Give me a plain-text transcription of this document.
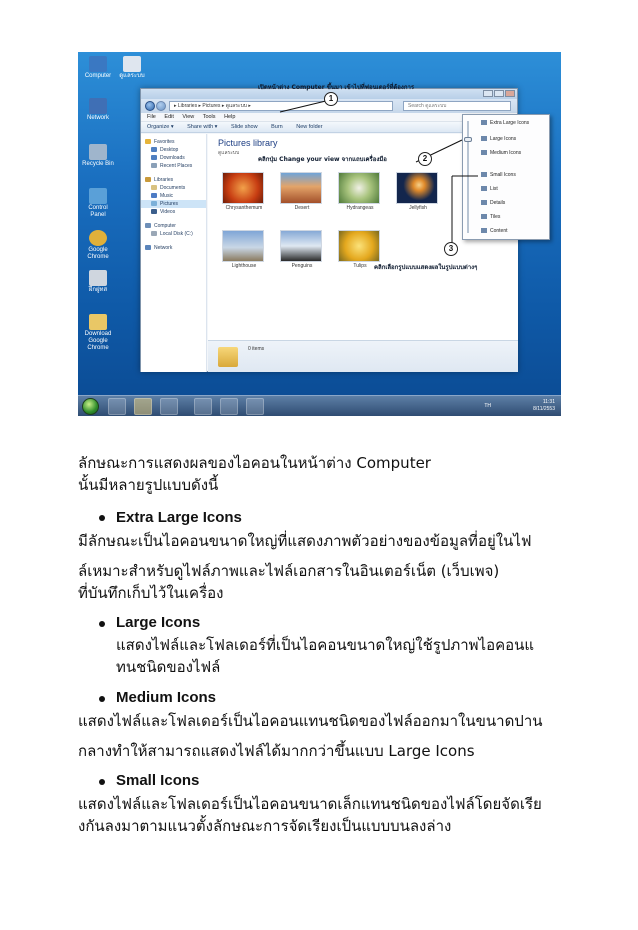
Computer	ดูแลระบบ
Network
Recycle Bin
Control Panel
Google Chrome
ฝึกฝูทส
Download Google Chrome
▸ Libraries ▸ Pictures ▸ ดูแลระบบ ▸	Search ดูแลระบบ
File Edit View Tools Help
Organize ▾ Share with ▾ Slide show Burn New folder
Favorites
Desktop
Downloads
Recent Places
Libraries
Documents
Music
Pictures
Videos
Computer
Local Disk (C:)
Network
Pictures library
ดูแลระบบ
Chrysanthemum	Desert	Hydrangeas	Jellyfish
Lighthouse	Penguins	Tulips
0 items
Extra Large Icons
Large Icons
Medium Icons
Small Icons
List
Details
Tiles
Content
1
2
3
เปิดหน้าต่าง Computer ขึ้นมา เข้าไปที่ฟอนเดอร์ที่ต้องการ
คลิกปุ่ม Change your view จากแถบเครื่องมือ
คลิกเลือกรูปแบบแสดงผลในรูปแบบต่างๆ
TH
11:31
8/11/2553

ลักษณะการแสดงผลของไอคอนในหน้าต่าง Computer

นั้นมีหลายรูปแบบดังนี้

Extra Large Icons

มีลักษณะเป็นไอคอนขนาดใหญ่ที่แสดงภาพตัวอย่างของข้อมูลที่อยู่ในไฟ

ล์เหมาะสำหรับดูไฟล์ภาพและไฟล์เอกสารในอินเตอร์เน็ต (เว็บเพจ)

ที่บันทึกเก็บไว้ในเครื่อง

Large Icons

แสดงไฟล์และโฟลเดอร์ที่เป็นไอคอนขนาดใหญ่ใช้รูปภาพไอคอนแ

ทนชนิดของไฟล์

Medium Icons

แสดงไฟล์และโฟลเดอร์เป็นไอคอนแทนชนิดของไฟล์ออกมาในขนาดปาน

กลางทำให้สามารถแสดงไฟล์ได้มากกว่าขึ้นแบบ Large Icons

Small Icons

แสดงไฟล์และโฟลเดอร์เป็นไอคอนขนาดเล็กแทนชนิดของไฟล์โดยจัดเรีย

งกันลงมาตามแนวตั้งลักษณะการจัดเรียงเป็นแบบบนลงล่าง
